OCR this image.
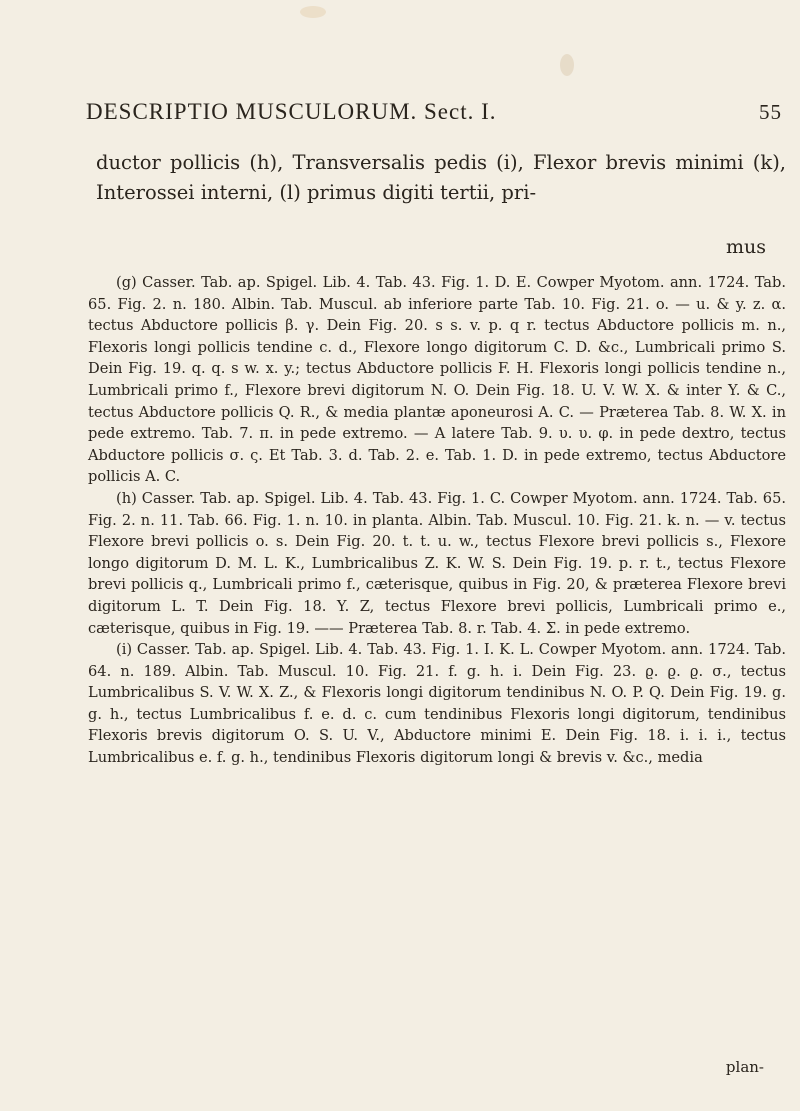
DESCRIPTIO MUSCULORUM. Sect. I.	55
ductor pollicis (h), Transversalis pedis (i), Flexor brevis minimi (k), Interossei interni, (l) primus digiti tertii, pri-
mus

(g) Casser. Tab. ap. Spigel. Lib. 4. Tab. 43. Fig. 1. D. E. Cowper Myotom. ann. 1724. Tab. 65. Fig. 2. n. 180. Albin. Tab. Muscul. ab inferiore parte Tab. 10. Fig. 21. o. — u. & y. z. α. tectus Abductore pollicis β. γ. Dein Fig. 20. s s. v. p. q r. tectus Abductore pollicis m. n., Flexoris longi pollicis tendine c. d., Flexore longo digitorum C. D. &c., Lumbricali primo S. Dein Fig. 19. q. q. s w. x. y.; tectus Abductore pollicis F. H. Flexoris longi pollicis tendine n., Lumbricali primo f., Flexore brevi digitorum N. O. Dein Fig. 18. U. V. W. X. & inter Y. & C., tectus Abductore pollicis Q. R., & media plantæ aponeurosi A. C. — Præterea Tab. 8. W. X. in pede extremo. Tab. 7. π. in pede extremo. — A latere Tab. 9. υ. υ. φ. in pede dextro, tectus Abductore pollicis σ. ς. Et Tab. 3. d. Tab. 2. e. Tab. 1. D. in pede extremo, tectus Abductore pollicis A. C.

(h) Casser. Tab. ap. Spigel. Lib. 4. Tab. 43. Fig. 1. C. Cowper Myotom. ann. 1724. Tab. 65. Fig. 2. n. 11. Tab. 66. Fig. 1. n. 10. in planta. Albin. Tab. Muscul. 10. Fig. 21. k. n. — v. tectus Flexore brevi pollicis o. s. Dein Fig. 20. t. t. u. w., tectus Flexore brevi pollicis s., Flexore longo digitorum D. M. L. K., Lumbricalibus Z. K. W. S. Dein Fig. 19. p. r. t., tectus Flexore brevi pollicis q., Lumbricali primo f., cæterisque, quibus in Fig. 20, & præterea Flexore brevi digitorum L. T. Dein Fig. 18. Y. Z, tectus Flexore brevi pollicis, Lumbricali primo e., cæterisque, quibus in Fig. 19. —— Præterea Tab. 8. r. Tab. 4. Σ. in pede extremo.

(i) Casser. Tab. ap. Spigel. Lib. 4. Tab. 43. Fig. 1. I. K. L. Cowper Myotom. ann. 1724. Tab. 64. n. 189. Albin. Tab. Muscul. 10. Fig. 21. f. g. h. i. Dein Fig. 23. ϱ. ϱ. ϱ. σ., tectus Lumbricalibus S. V. W. X. Z., & Flexoris longi digitorum tendinibus N. O. P. Q. Dein Fig. 19. g. g. h., tectus Lumbricalibus f. e. d. c. cum tendinibus Flexoris longi digitorum, tendinibus Flexoris brevis digitorum O. S. U. V., Abductore minimi E. Dein Fig. 18. i. i. i., tectus Lumbricalibus e. f. g. h., tendinibus Flexoris digitorum longi & brevis v. &c., media

plan-
